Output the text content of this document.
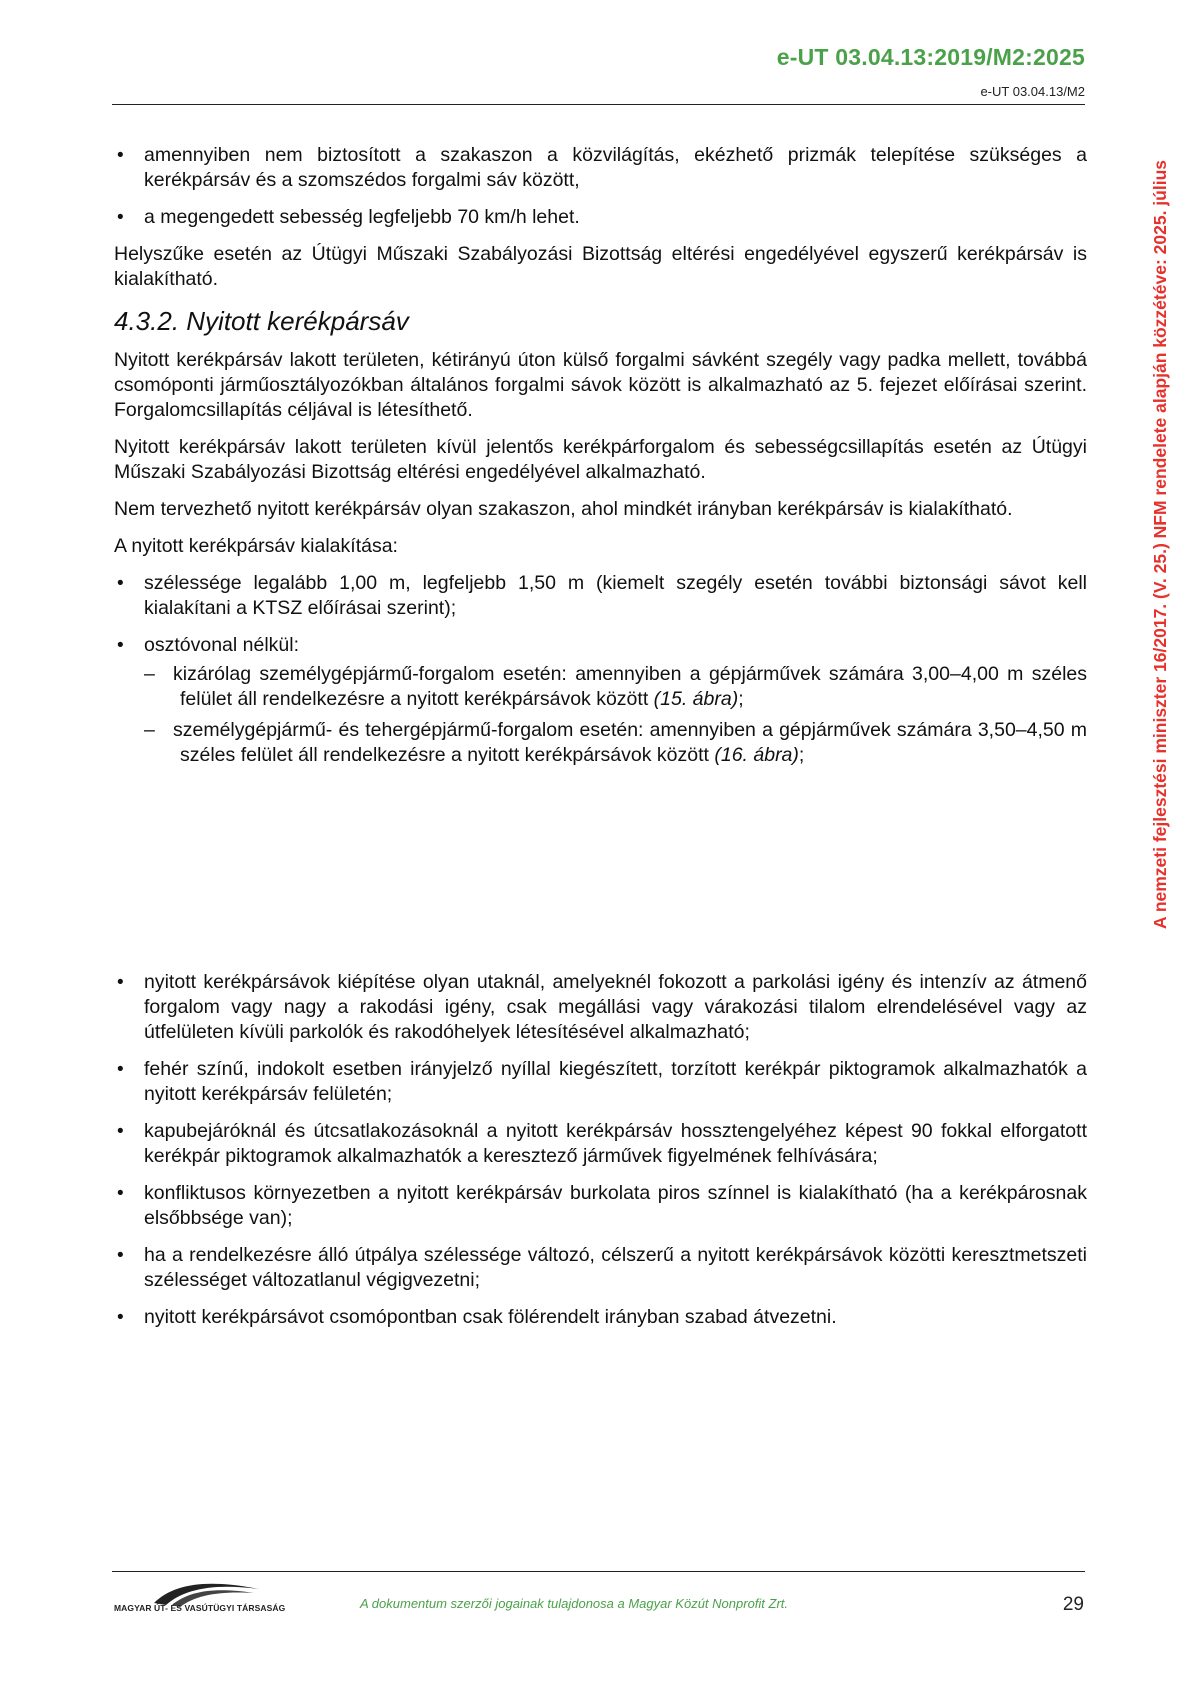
e-UT 03.04.13:2019/M2:2025
e-UT 03.04.13/M2
A nemzeti fejlesztési miniszter 16/2017. (V. 25.) NFM rendelete alapján közzétéve: 2025. július
• amennyiben nem biztosított a szakaszon a közvilágítás, ekézhető prizmák telepítése szükséges a kerékpársáv és a szomszédos forgalmi sáv között,
• a megengedett sebesség legfeljebb 70 km/h lehet.

Helyszűke esetén az Útügyi Műszaki Szabályozási Bizottság eltérési engedélyével egyszerű kerékpársáv is kialakítható.

4.3.2. Nyitott kerékpársáv

Nyitott kerékpársáv lakott területen, kétirányú úton külső forgalmi sávként szegély vagy padka mellett, továbbá csomóponti járműosztályozókban általános forgalmi sávok között is alkalmazható az 5. fejezet előírásai szerint. Forgalomcsillapítás céljával is létesíthető.

Nyitott kerékpársáv lakott területen kívül jelentős kerékpárforgalom és sebességcsillapítás esetén az Útügyi Műszaki Szabályozási Bizottság eltérési engedélyével alkalmazható.

Nem tervezhető nyitott kerékpársáv olyan szakaszon, ahol mindkét irányban kerékpársáv is kialakítható.

A nyitott kerékpársáv kialakítása:

• szélessége legalább 1,00 m, legfeljebb 1,50 m (kiemelt szegély esetén további biztonsági sávot kell kialakítani a KTSZ előírásai szerint);
• osztóvonal nélkül:
– kizárólag személygépjármű-forgalom esetén: amennyiben a gépjárművek számára 3,00–4,00 m széles felület áll rendelkezésre a nyitott kerékpársávok között (15. ábra);
– személygépjármű- és tehergépjármű-forgalom esetén: amennyiben a gépjárművek számára 3,50–4,50 m széles felület áll rendelkezésre a nyitott kerékpársávok között (16. ábra);
• nyitott kerékpársávok kiépítése olyan utaknál, amelyeknél fokozott a parkolási igény és intenzív az átmenő forgalom vagy nagy a rakodási igény, csak megállási vagy várakozási tilalom elrendelésével vagy az útfelületen kívüli parkolók és rakodóhelyek létesítésével alkalmazható;
• fehér színű, indokolt esetben irányjelző nyíllal kiegészített, torzított kerékpár piktogramok alkalmazhatók a nyitott kerékpársáv felületén;
• kapubejáróknál és útcsatlakozásoknál a nyitott kerékpársáv hossztengelyéhez képest 90 fokkal elforgatott kerékpár piktogramok alkalmazhatók a keresztező járművek figyelmének felhívására;
• konfliktusos környezetben a nyitott kerékpársáv burkolata piros színnel is kialakítható (ha a kerékpárosnak elsőbbsége van);
• ha a rendelkezésre álló útpálya szélessége változó, célszerű a nyitott kerékpársávok közötti keresztmetszeti szélességet változatlanul végigvezetni;
• nyitott kerékpársávot csomópontban csak fölérendelt irányban szabad átvezetni.
MAGYAR ÚT- ÉS VASÚTÜGYI TÁRSASÁG	A dokumentum szerzői jogainak tulajdonosa a Magyar Közút Nonprofit Zrt.	29
